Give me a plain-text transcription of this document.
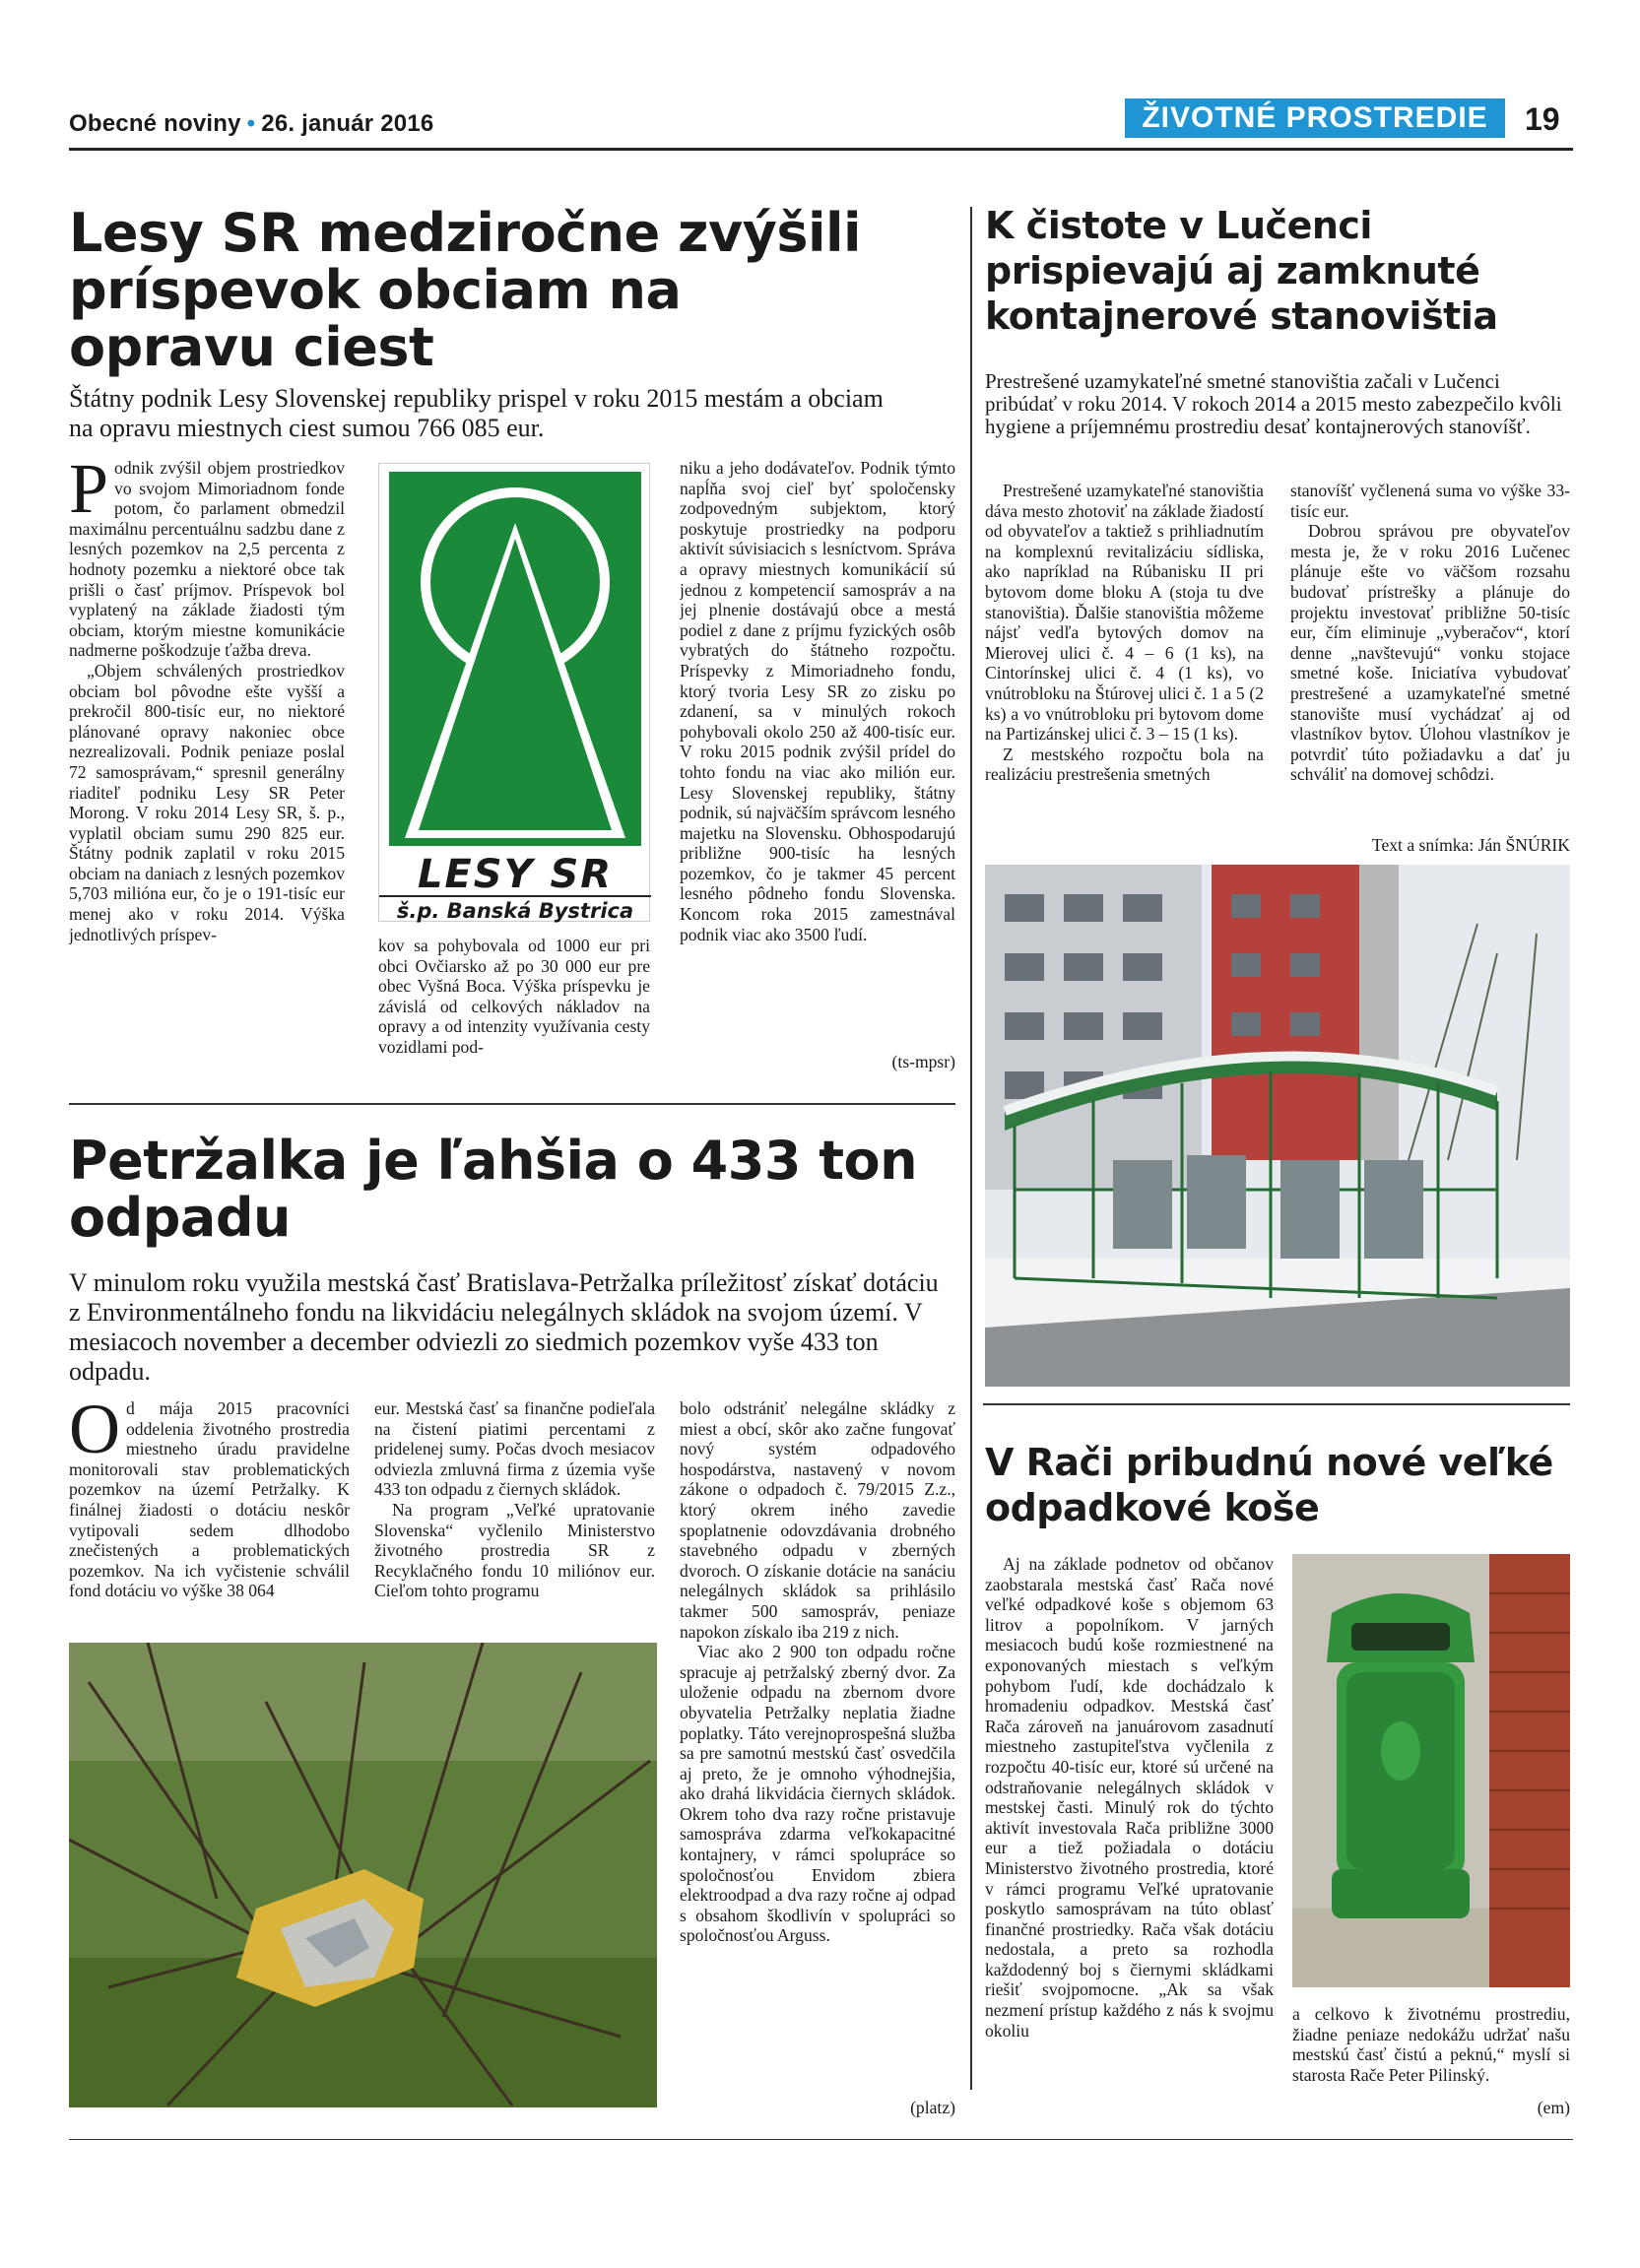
Obecné noviny • 26. január 2016	ŽIVOTNÉ PROSTREDIE	19
Lesy SR medziročne zvýšili príspevok obciam na opravu ciest

Štátny podnik Lesy Slovenskej republiky prispel v roku 2015 mestám a obciam na opravu miestnych ciest sumou 766 085 eur.

Podnik zvýšil objem prostriedkov vo svojom Mimoriadnom fonde potom, čo parlament obmedzil maximálnu percentuálnu sadzbu dane z lesných pozemkov na 2,5 percenta z hodnoty pozemku a niektoré obce tak prišli o časť príjmov. Príspevok bol vyplatený na základe žiadosti tým obciam, ktorým miestne komunikácie nadmerne poškodzuje ťažba dreva.

„Objem schválených prostriedkov obciam bol pôvodne ešte vyšší a prekročil 800-tisíc eur, no niektoré plánované opravy nakoniec obce nezrealizovali. Podnik peniaze poslal 72 samosprávam,“ spresnil generálny riaditeľ podniku Lesy SR Peter Morong. V roku 2014 Lesy SR, š. p., vyplatil obciam sumu 290 825 eur. Štátny podnik zaplatil v roku 2015 obciam na daniach z lesných pozemkov 5,703 milióna eur, čo je o 191-tisíc eur menej ako v roku 2014. Výška jednotlivých príspev-

LESY SR
š.p. Banská Bystrica

kov sa pohybovala od 1000 eur pri obci Ovčiarsko až po 30 000 eur pre obec Vyšná Boca. Výška príspevku je závislá od celkových nákladov na opravy a od intenzity využívania cesty vozidlami pod-

niku a jeho dodávateľov. Podnik týmto napĺňa svoj cieľ byť spoločensky zodpovedným subjektom, ktorý poskytuje prostriedky na podporu aktivít súvisiacich s lesníctvom. Správa a opravy miestnych komunikácií sú jednou z kompetencií samospráv a na jej plnenie dostávajú obce a mestá podiel z dane z príjmu fyzických osôb vybratých do štátneho rozpočtu. Príspevky z Mimoriadneho fondu, ktorý tvoria Lesy SR zo zisku po zdanení, sa v minulých rokoch pohybovali okolo 250 až 400-tisíc eur. V roku 2015 podnik zvýšil prídel do tohto fondu na viac ako milión eur. Lesy Slovenskej republiky, štátny podnik, sú najväčším správcom lesného majetku na Slovensku. Obhospodarujú približne 900-tisíc ha lesných pozemkov, čo je takmer 45 percent lesného pôdneho fondu Slovenska. Koncom roka 2015 zamestnával podnik viac ako 3500 ľudí.

(ts-mpsr)
K čistote v Lučenci prispievajú aj zamknuté kontajnerové stanovištia

Prestrešené uzamykateľné smetné stanovištia začali v Lučenci pribúdať v roku 2014. V rokoch 2014 a 2015 mesto zabezpečilo kvôli hygiene a príjemnému prostrediu desať kontajnerových stanovíšť.

Prestrešené uzamykateľné stanovištia dáva mesto zhotoviť na základe žiadostí od obyvateľov a taktiež s prihliadnutím na komplexnú revitalizáciu sídliska, ako napríklad na Rúbanisku II pri bytovom dome bloku A (stoja tu dve stanovištia). Ďalšie stanovištia môžeme nájsť vedľa bytových domov na Mierovej ulici č. 4 – 6 (1 ks), na Cintorínskej ulici č. 4 (1 ks), vo vnútrobloku na Štúrovej ulici č. 1 a 5 (2 ks) a vo vnútrobloku pri bytovom dome na Partizánskej ulici č. 3 – 15 (1 ks).

Z mestského rozpočtu bola na realizáciu prestrešenia smetných

stanovíšť vyčlenená suma vo výške 33-tisíc eur.

Dobrou správou pre obyvateľov mesta je, že v roku 2016 Lučenec plánuje ešte vo väčšom rozsahu budovať prístrešky a plánuje do projektu investovať približne 50-tisíc eur, čím eliminuje „vyberačov“, ktorí denne „navštevujú“ vonku stojace smetné koše. Iniciatíva vybudovať prestrešené a uzamykateľné smetné stanovište musí vychádzať aj od vlastníkov bytov. Úlohou vlastníkov je potvrdiť túto požiadavku a dať ju schváliť na domovej schôdzi.

Text a snímka: Ján ŠNÚRIK
Petržalka je ľahšia o 433 ton odpadu

V minulom roku využila mestská časť Bratislava-Petržalka príležitosť získať dotáciu z Environmentálneho fondu na likvidáciu nelegálnych skládok na svojom území. V mesiacoch november a december odviezli zo siedmich pozemkov vyše 433 ton odpadu.

Od mája 2015 pracovníci oddelenia životného prostredia miestneho úradu pravidelne monitorovali stav problematických pozemkov na území Petržalky. K finálnej žiadosti o dotáciu neskôr vytipovali sedem dlhodobo znečistených a problematických pozemkov. Na ich vyčistenie schválil fond dotáciu vo výške 38 064

eur. Mestská časť sa finančne podieľala na čistení piatimi percentami z pridelenej sumy. Počas dvoch mesiacov odviezla zmluvná firma z územia vyše 433 ton odpadu z čiernych skládok.

Na program „Veľké upratovanie Slovenska“ vyčlenilo Ministerstvo životného prostredia SR z Recyklačného fondu 10 miliónov eur. Cieľom tohto programu

bolo odstrániť nelegálne skládky z miest a obcí, skôr ako začne fungovať nový systém odpadového hospodárstva, nastavený v novom zákone o odpadoch č. 79/2015 Z.z., ktorý okrem iného zavedie spoplatnenie odovzdávania drobného stavebného odpadu v zberných dvoroch. O získanie dotácie na sanáciu nelegálnych skládok sa prihlásilo takmer 500 samospráv, peniaze napokon získalo iba 219 z nich.

Viac ako 2 900 ton odpadu ročne spracuje aj petržalský zberný dvor. Za uloženie odpadu na zbernom dvore obyvatelia Petržalky neplatia žiadne poplatky. Táto verejnoprospešná služba sa pre samotnú mestskú časť osvedčila aj preto, že je omnoho výhodnejšia, ako drahá likvidácia čiernych skládok. Okrem toho dva razy ročne pristavuje samospráva zdarma veľkokapacitné kontajnery, v rámci spolupráce so spoločnosťou Envidom zbiera elektroodpad a dva razy ročne aj odpad s obsahom škodlivín v spolupráci so spoločnosťou Arguss.

(platz)
V Rači pribudnú nové veľké odpadkové koše

Aj na základe podnetov od občanov zaobstarala mestská časť Rača nové veľké odpadkové koše s objemom 63 litrov a popolníkom. V jarných mesiacoch budú koše rozmiestnené na exponovaných miestach s veľkým pohybom ľudí, kde dochádzalo k hromadeniu odpadkov. Mestská časť Rača zároveň na januárovom zasadnutí miestneho zastupiteľstva vyčlenila z rozpočtu 40-tisíc eur, ktoré sú určené na odstraňovanie nelegálnych skládok v mestskej časti. Minulý rok do týchto aktivít investovala Rača približne 3000 eur a tiež požiadala o dotáciu Ministerstvo životného prostredia, ktoré v rámci programu Veľké upratovanie poskytlo samosprávam na túto oblasť finančné prostriedky. Rača však dotáciu nedostala, a preto sa rozhodla každodenný boj s čiernymi skládkami riešiť svojpomocne. „Ak sa však nezmení prístup každého z nás k svojmu okoliu

a celkovo k životnému prostrediu, žiadne peniaze nedokážu udržať našu mestskú časť čistú a peknú,“ myslí si starosta Rače Peter Pilinský.

(em)
